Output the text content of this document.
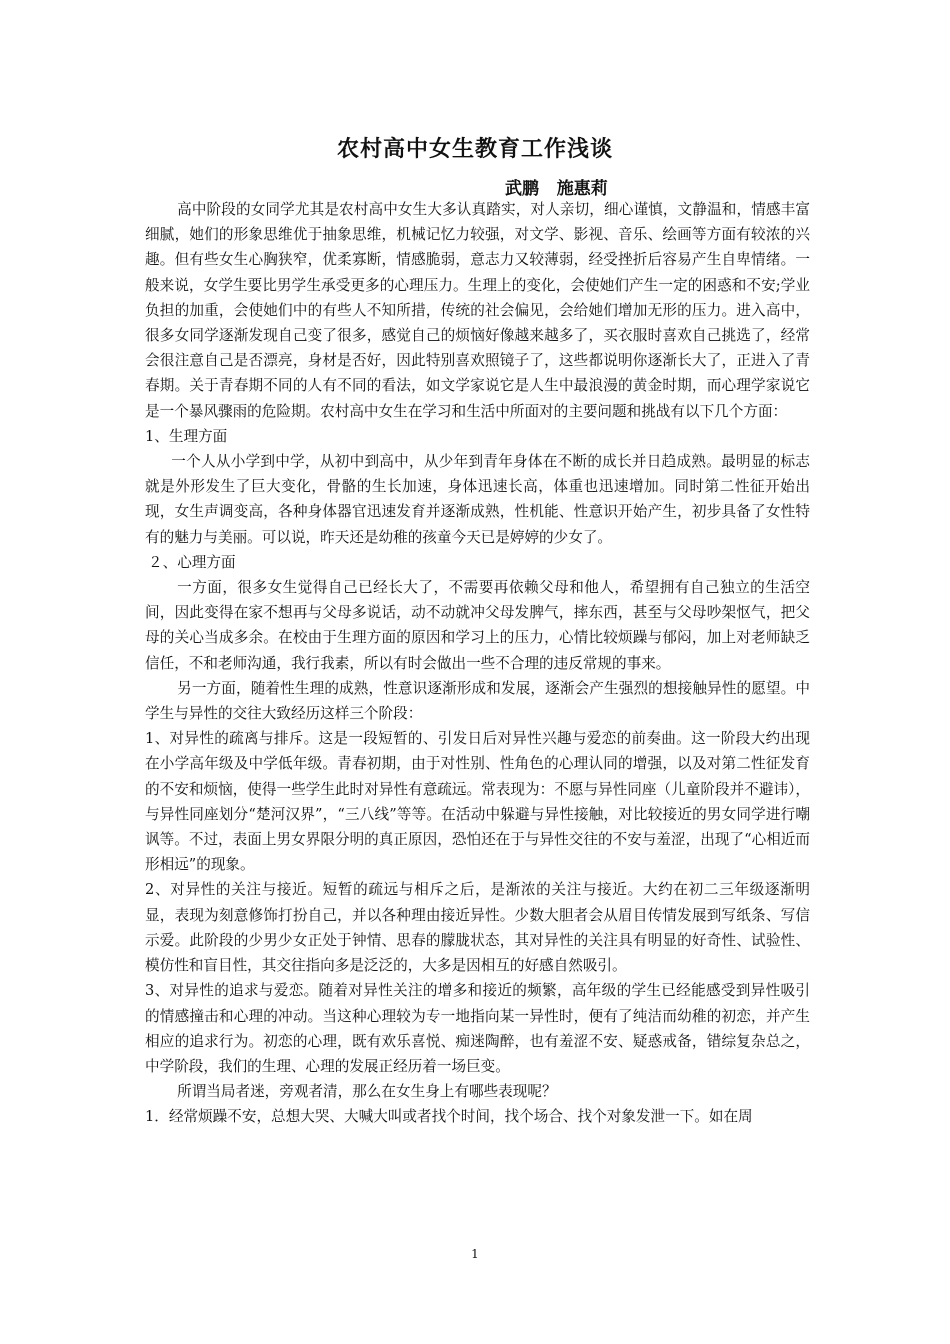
农村高中女生教育工作浅谈
武鹏   施惠莉

高中阶段的女同学尤其是农村高中女生大多认真踏实，对人亲切，细心谨慎，文静温和，情感丰富细腻，她们的形象思维优于抽象思维，机械记忆力较强，对文学、影视、音乐、绘画等方面有较浓的兴趣。但有些女生心胸狭窄，优柔寡断，情感脆弱，意志力又较薄弱，经受挫折后容易产生自卑情绪。一般来说，女学生要比男学生承受更多的心理压力。生理上的变化，会使她们产生一定的困惑和不安;学业负担的加重，会使她们中的有些人不知所措，传统的社会偏见，会给她们增加无形的压力。进入高中，很多女同学逐渐发现自己变了很多，感觉自己的烦恼好像越来越多了，买衣服时喜欢自己挑选了，经常会很注意自己是否漂亮，身材是否好，因此特别喜欢照镜子了，这些都说明你逐渐长大了，正进入了青春期。关于青春期不同的人有不同的看法，如文学家说它是人生中最浪漫的黄金时期，而心理学家说它是一个暴风骤雨的危险期。农村高中女生在学习和生活中所面对的主要问题和挑战有以下几个方面：

1、生理方面

一个人从小学到中学，从初中到高中，从少年到青年身体在不断的成长并日趋成熟。最明显的标志就是外形发生了巨大变化，骨骼的生长加速，身体迅速长高，体重也迅速增加。同时第二性征开始出现，女生声调变高，各种身体器官迅速发育并逐渐成熟，性机能、性意识开始产生，初步具备了女性特有的魅力与美丽。可以说，昨天还是幼稚的孩童今天已是婷婷的少女了。

２、心理方面

一方面，很多女生觉得自己已经长大了，不需要再依赖父母和他人，希望拥有自己独立的生活空间，因此变得在家不想再与父母多说话，动不动就冲父母发脾气，摔东西，甚至与父母吵架怄气，把父母的关心当成多余。在校由于生理方面的原因和学习上的压力，心情比较烦躁与郁闷，加上对老师缺乏信任，不和老师沟通，我行我素，所以有时会做出一些不合理的违反常规的事来。

另一方面，随着性生理的成熟，性意识逐渐形成和发展，逐渐会产生强烈的想接触异性的愿望。中学生与异性的交往大致经历这样三个阶段：

1、对异性的疏离与排斥。这是一段短暂的、引发日后对异性兴趣与爱恋的前奏曲。这一阶段大约出现在小学高年级及中学低年级。青春初期，由于对性别、性角色的心理认同的增强，以及对第二性征发育的不安和烦恼，使得一些学生此时对异性有意疏远。常表现为：不愿与异性同座（儿童阶段并不避讳），与异性同座划分“楚河汉界”，“三八线”等等。在活动中躲避与异性接触，对比较接近的男女同学进行嘲讽等。不过，表面上男女界限分明的真正原因，恐怕还在于与异性交往的不安与羞涩，出现了“心相近而形相远”的现象。

2、对异性的关注与接近。短暂的疏远与相斥之后，是渐浓的关注与接近。大约在初二三年级逐渐明显，表现为刻意修饰打扮自己，并以各种理由接近异性。少数大胆者会从眉目传情发展到写纸条、写信示爱。此阶段的少男少女正处于钟情、思春的朦胧状态，其对异性的关注具有明显的好奇性、试验性、模仿性和盲目性，其交往指向多是泛泛的，大多是因相互的好感自然吸引。

3、对异性的追求与爱恋。随着对异性关注的增多和接近的频繁，高年级的学生已经能感受到异性吸引的情感撞击和心理的冲动。当这种心理较为专一地指向某一异性时，便有了纯洁而幼稚的初恋，并产生相应的追求行为。初恋的心理，既有欢乐喜悦、痴迷陶醉，也有羞涩不安、疑惑戒备，错综复杂总之，中学阶段，我们的生理、心理的发展正经历着一场巨变。

所谓当局者迷，旁观者清，那么在女生身上有哪些表现呢？

1．经常烦躁不安，总想大哭、大喊大叫或者找个时间，找个场合、找个对象发泄一下。如在周

1
